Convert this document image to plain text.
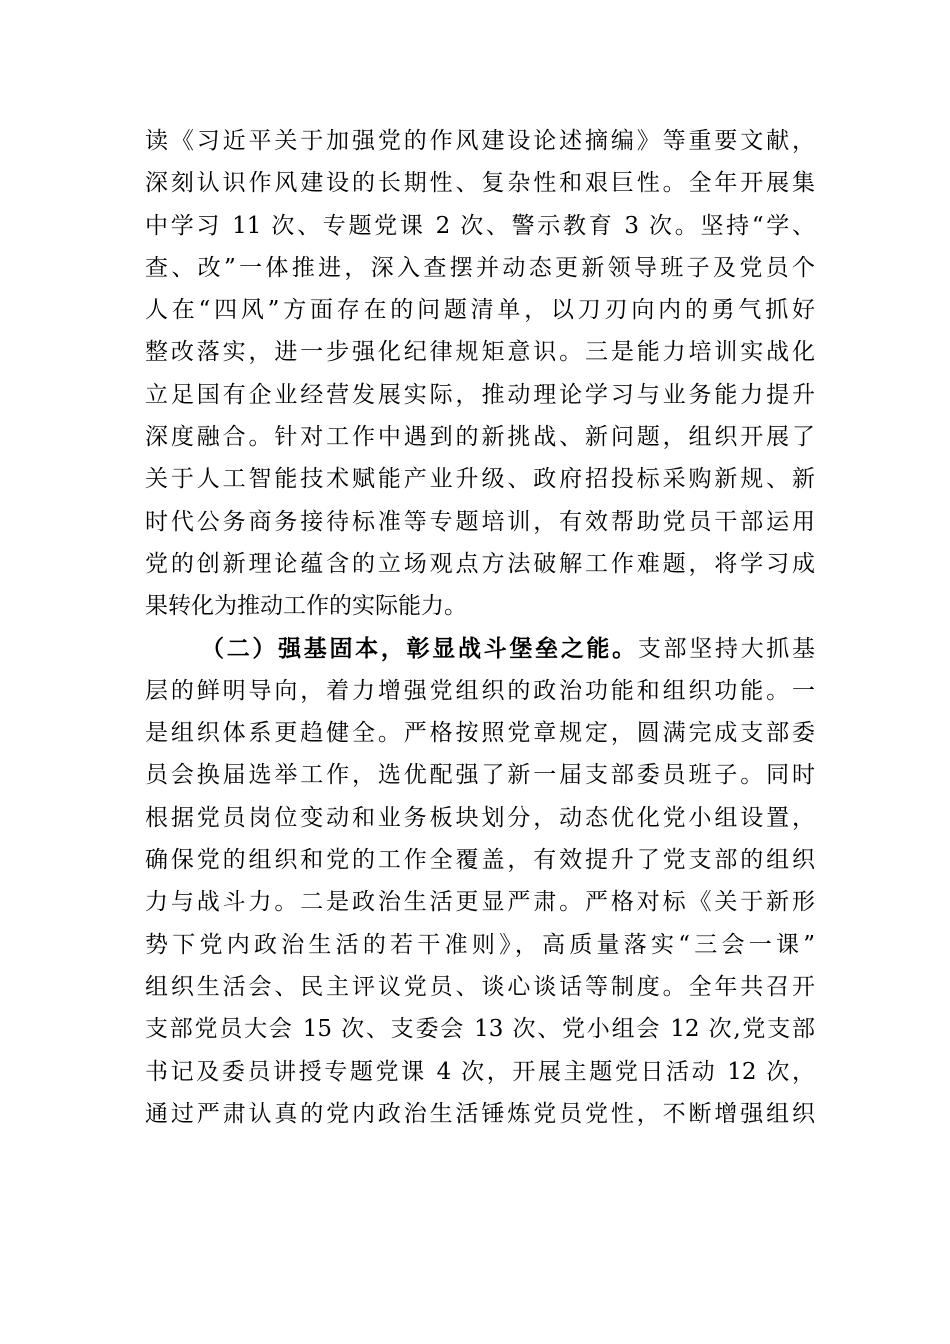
读《习近平关于加强党的作风建设论述摘编》等重要文献，
深刻认识作风建设的长期性、复杂性和艰巨性。全年开展集
中学习 11 次、专题党课 2 次、警示教育 3 次。坚持“学、
查、改”一体推进，深入查摆并动态更新领导班子及党员个
人在“四风”方面存在的问题清单，以刀刃向内的勇气抓好
整改落实，进一步强化纪律规矩意识。三是能力培训实战化
立足国有企业经营发展实际，推动理论学习与业务能力提升
深度融合。针对工作中遇到的新挑战、新问题，组织开展了
关于人工智能技术赋能产业升级、政府招投标采购新规、新
时代公务商务接待标准等专题培训，有效帮助党员干部运用
党的创新理论蕴含的立场观点方法破解工作难题，将学习成
果转化为推动工作的实际能力。
（二）强基固本，彰显战斗堡垒之能。支部坚持大抓基
层的鲜明导向，着力增强党组织的政治功能和组织功能。一
是组织体系更趋健全。严格按照党章规定，圆满完成支部委
员会换届选举工作，选优配强了新一届支部委员班子。同时
根据党员岗位变动和业务板块划分，动态优化党小组设置，
确保党的组织和党的工作全覆盖，有效提升了党支部的组织
力与战斗力。二是政治生活更显严肃。严格对标《关于新形
势下党内政治生活的若干准则》，高质量落实“三会一课”
组织生活会、民主评议党员、谈心谈话等制度。全年共召开
支部党员大会 15 次、支委会 13 次、党小组会 12 次,党支部
书记及委员讲授专题党课 4 次，开展主题党日活动 12 次，
通过严肃认真的党内政治生活锤炼党员党性，不断增强组织
